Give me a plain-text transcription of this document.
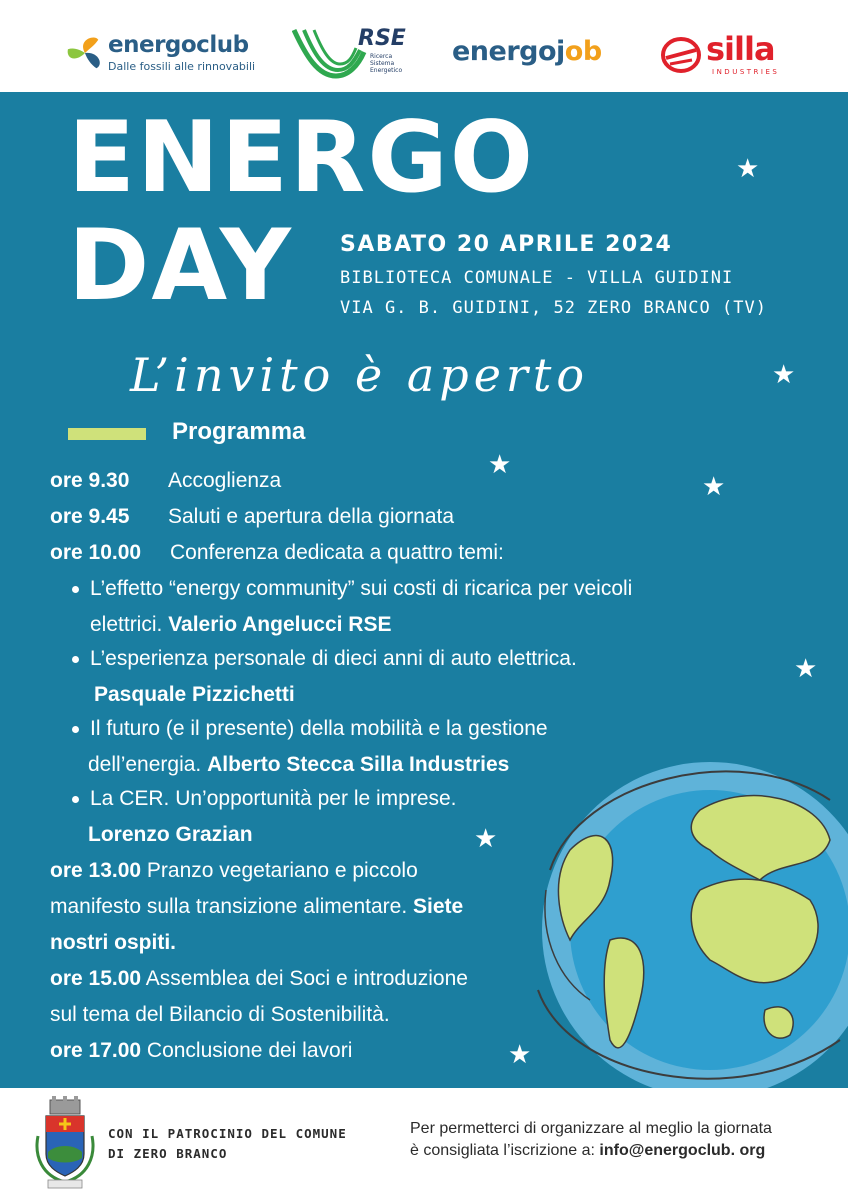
energoclub
Dalle fossili alle rinnovabili
RSE
Ricerca
Sistema
Energetico
energojob	silla
INDUSTRIES
★
★
★
★
★
★
★
ENERGO
DAY SABATO 20 APRILE 2024
BIBLIOTECA COMUNALE - VILLA GUIDINI
VIA G. B. GUIDINI, 52 ZERO BRANCO (TV)
L’invito è aperto
Programma
ore 9.30 Accoglienza
ore 9.45 Saluti e apertura della giornata
ore 10.00 Conferenza dedicata a quattro temi:
L’effetto “energy community” sui costi di ricarica per veicoli
elettrici. Valerio Angelucci RSE
L’esperienza personale di dieci anni di auto elettrica.
Pasquale Pizzichetti
Il futuro (e il presente) della mobilità e la gestione
dell’energia. Alberto Stecca Silla Industries
La CER. Un’opportunità per le imprese.
Lorenzo Grazian
ore 13.00 Pranzo vegetariano e piccolo
manifesto sulla transizione alimentare. Siete
nostri ospiti.
ore 15.00 Assemblea dei Soci e introduzione
sul tema del Bilancio di Sostenibilità.
ore 17.00 Conclusione dei lavori
CON IL PATROCINIO DEL COMUNE
DI ZERO BRANCO
Per permetterci di organizzare al meglio la giornata
è consigliata l’iscrizione a: info@energoclub. org
